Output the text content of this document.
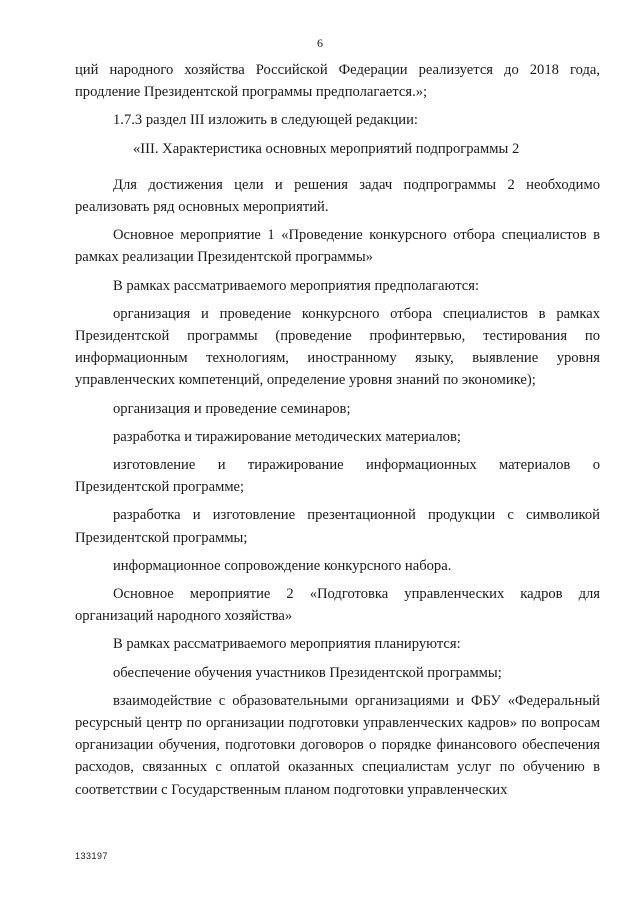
6

ций народного хозяйства Российской Федерации реализуется до 2018 года, продление Президентской программы предполагается.»;

1.7.3 раздел III изложить в следующей редакции:

«III. Характеристика основных мероприятий подпрограммы 2

Для достижения цели и решения задач подпрограммы 2 необходимо реализовать ряд основных мероприятий.

Основное мероприятие 1 «Проведение конкурсного отбора специалистов в рамках реализации Президентской программы»

В рамках рассматриваемого мероприятия предполагаются:

организация и проведение конкурсного отбора специалистов в рамках Президентской программы (проведение профинтервью, тестирования по информационным технологиям, иностранному языку, выявление уровня управленческих компетенций, определение уровня знаний по экономике);

организация и проведение семинаров;

разработка и тиражирование методических материалов;

изготовление и тиражирование информационных материалов о Президентской программе;

разработка и изготовление презентационной продукции с символикой Президентской программы;

информационное сопровождение конкурсного набора.

Основное мероприятие 2 «Подготовка управленческих кадров для организаций народного хозяйства»

В рамках рассматриваемого мероприятия планируются:

обеспечение обучения участников Президентской программы;

взаимодействие с образовательными организациями и ФБУ «Федеральный ресурсный центр по организации подготовки управленческих кадров» по вопросам организации обучения, подготовки договоров о порядке финансового обеспечения расходов, связанных с оплатой оказанных специалистам услуг по обучению в соответствии с Государственным планом подготовки управленческих

133197
